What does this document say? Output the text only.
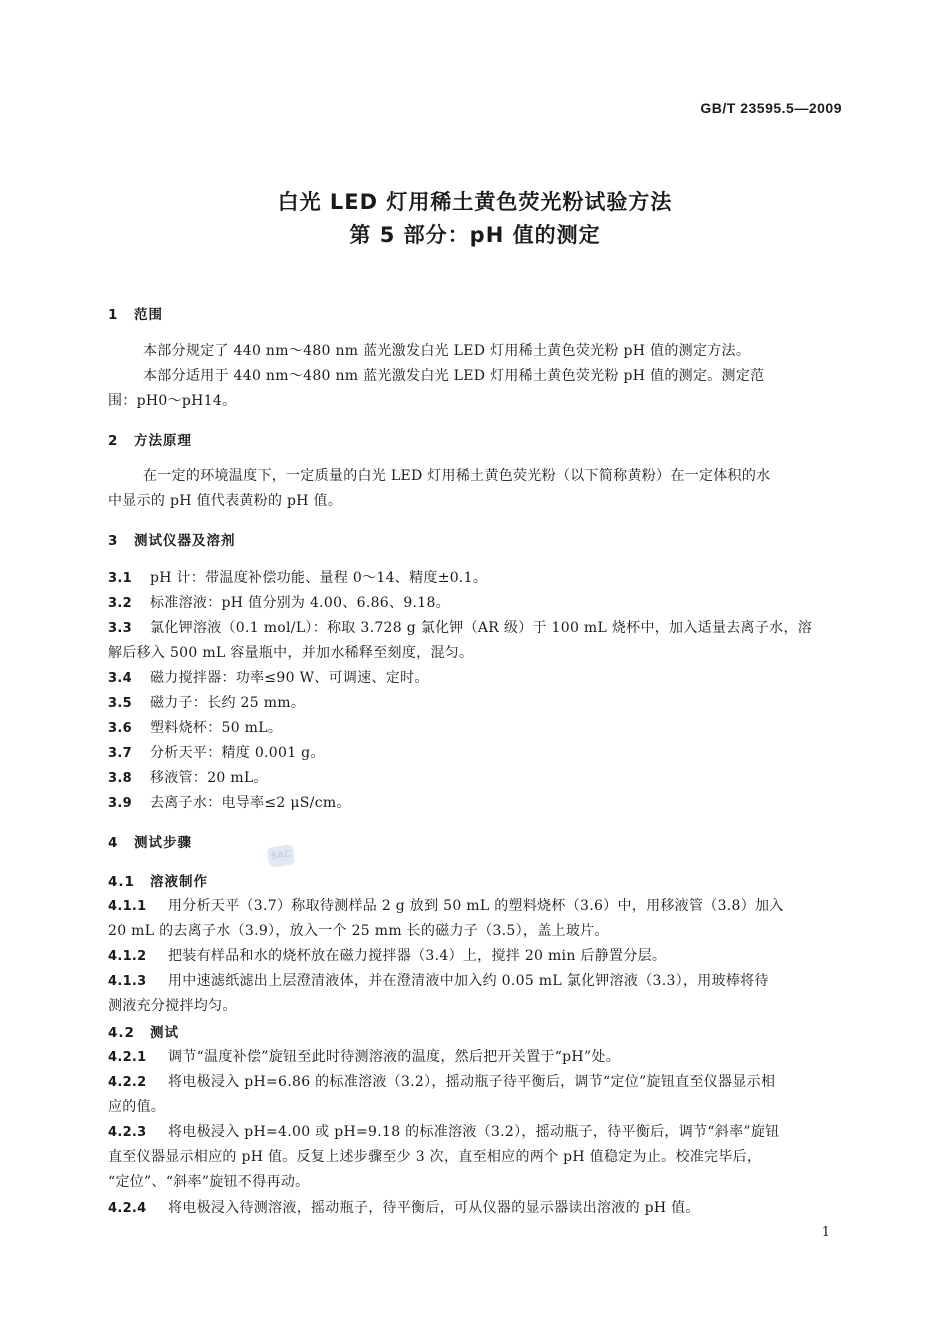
GB/T 23595.5—2009
白光 LED 灯用稀土黄色荧光粉试验方法
第 5 部分：pH 值的测定
1 范围
本部分规定了 440 nm～480 nm 蓝光激发白光 LED 灯用稀土黄色荧光粉 pH 值的测定方法。
本部分适用于 440 nm～480 nm 蓝光激发白光 LED 灯用稀土黄色荧光粉 pH 值的测定。测定范
围：pH0～pH14。
2 方法原理
在一定的环境温度下，一定质量的白光 LED 灯用稀土黄色荧光粉（以下简称黄粉）在一定体积的水
中显示的 pH 值代表黄粉的 pH 值。
3 测试仪器及溶剂
3.1 pH 计：带温度补偿功能、量程 0～14、精度±0.1。
3.2 标准溶液：pH 值分别为 4.00、6.86、9.18。
3.3 氯化钾溶液（0.1 mol/L）：称取 3.728 g 氯化钾（AR 级）于 100 mL 烧杯中，加入适量去离子水，溶
解后移入 500 mL 容量瓶中，并加水稀释至刻度，混匀。
3.4 磁力搅拌器：功率≤90 W、可调速、定时。
3.5 磁力子：长约 25 mm。
3.6 塑料烧杯：50 mL。
3.7 分析天平：精度 0.001 g。
3.8 移液管：20 mL。
3.9 去离子水：电导率≤2 μS/cm。
4 测试步骤
SAC
4.1 溶液制作
4.1.1 用分析天平（3.7）称取待测样品 2 g 放到 50 mL 的塑料烧杯（3.6）中，用移液管（3.8）加入
20 mL 的去离子水（3.9），放入一个 25 mm 长的磁力子（3.5），盖上玻片。
4.1.2 把装有样品和水的烧杯放在磁力搅拌器（3.4）上，搅拌 20 min 后静置分层。
4.1.3 用中速滤纸滤出上层澄清液体，并在澄清液中加入约 0.05 mL 氯化钾溶液（3.3），用玻棒将待
测液充分搅拌均匀。
4.2 测试
4.2.1 调节“温度补偿”旋钮至此时待测溶液的温度，然后把开关置于“pH”处。
4.2.2 将电极浸入 pH=6.86 的标准溶液（3.2），摇动瓶子待平衡后，调节“定位”旋钮直至仪器显示相
应的值。
4.2.3 将电极浸入 pH=4.00 或 pH=9.18 的标准溶液（3.2），摇动瓶子，待平衡后，调节“斜率”旋钮
直至仪器显示相应的 pH 值。反复上述步骤至少 3 次，直至相应的两个 pH 值稳定为止。校准完毕后，
“定位”、“斜率”旋钮不得再动。
4.2.4 将电极浸入待测溶液，摇动瓶子，待平衡后，可从仪器的显示器读出溶液的 pH 值。
1
